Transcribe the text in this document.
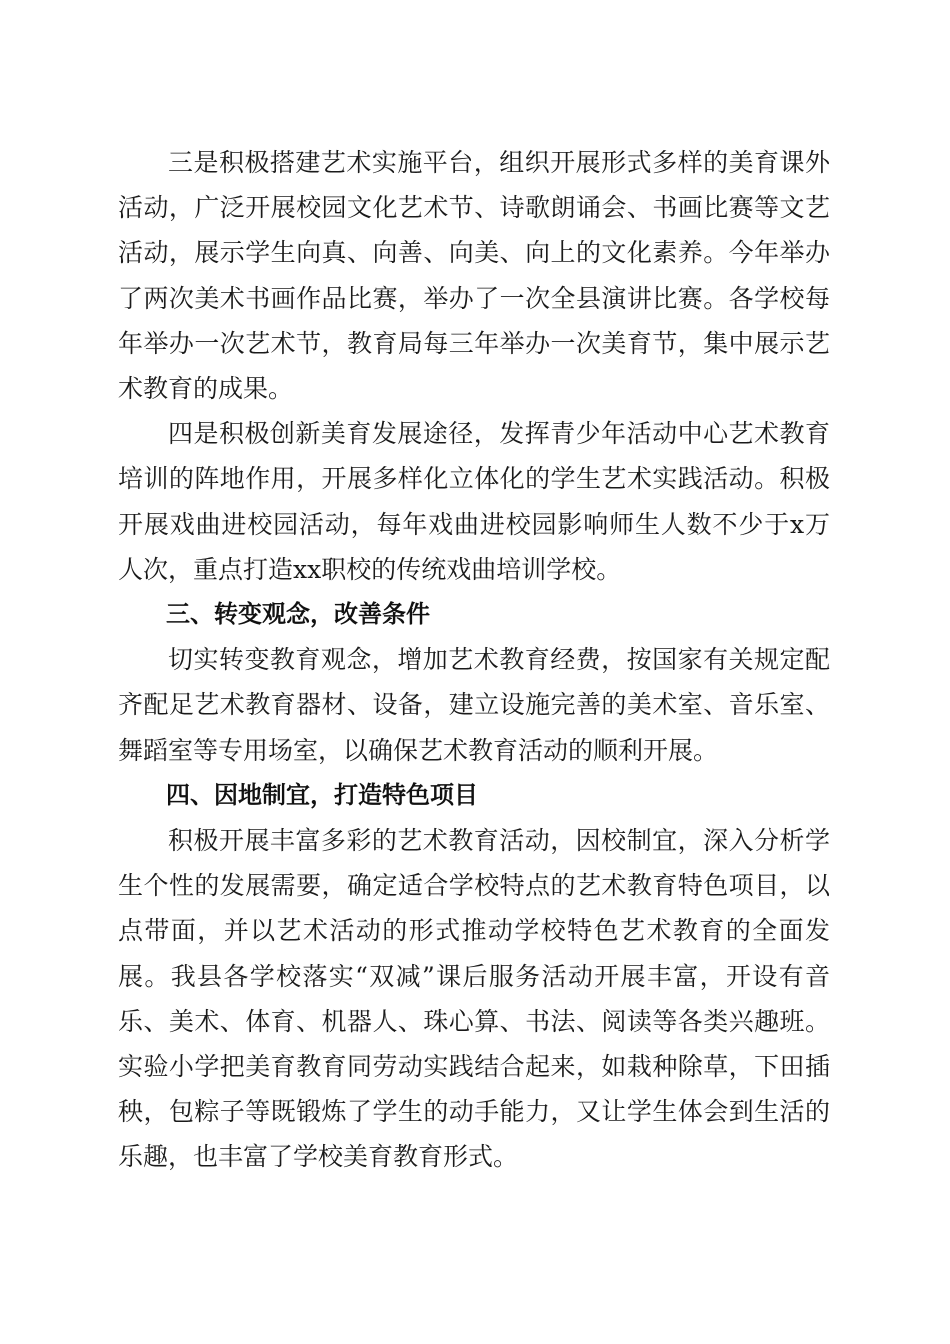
三是积极搭建艺术实施平台，组织开展形式多样的美育课外活动，广泛开展校园文化艺术节、诗歌朗诵会、书画比赛等文艺活动，展示学生向真、向善、向美、向上的文化素养。今年举办了两次美术书画作品比赛，举办了一次全县演讲比赛。各学校每年举办一次艺术节，教育局每三年举办一次美育节，集中展示艺术教育的成果。

四是积极创新美育发展途径，发挥青少年活动中心艺术教育培训的阵地作用，开展多样化立体化的学生艺术实践活动。积极开展戏曲进校园活动，每年戏曲进校园影响师生人数不少于x万人次，重点打造xx职校的传统戏曲培训学校。

三、转变观念，改善条件

切实转变教育观念，增加艺术教育经费，按国家有关规定配齐配足艺术教育器材、设备，建立设施完善的美术室、音乐室、舞蹈室等专用场室，以确保艺术教育活动的顺利开展。

四、因地制宜，打造特色项目

积极开展丰富多彩的艺术教育活动，因校制宜，深入分析学生个性的发展需要，确定适合学校特点的艺术教育特色项目，以点带面，并以艺术活动的形式推动学校特色艺术教育的全面发展。我县各学校落实“双减”课后服务活动开展丰富，开设有音乐、美术、体育、机器人、珠心算、书法、阅读等各类兴趣班。实验小学把美育教育同劳动实践结合起来，如栽种除草，下田插秧，包粽子等既锻炼了学生的动手能力，又让学生体会到生活的乐趣，也丰富了学校美育教育形式。
